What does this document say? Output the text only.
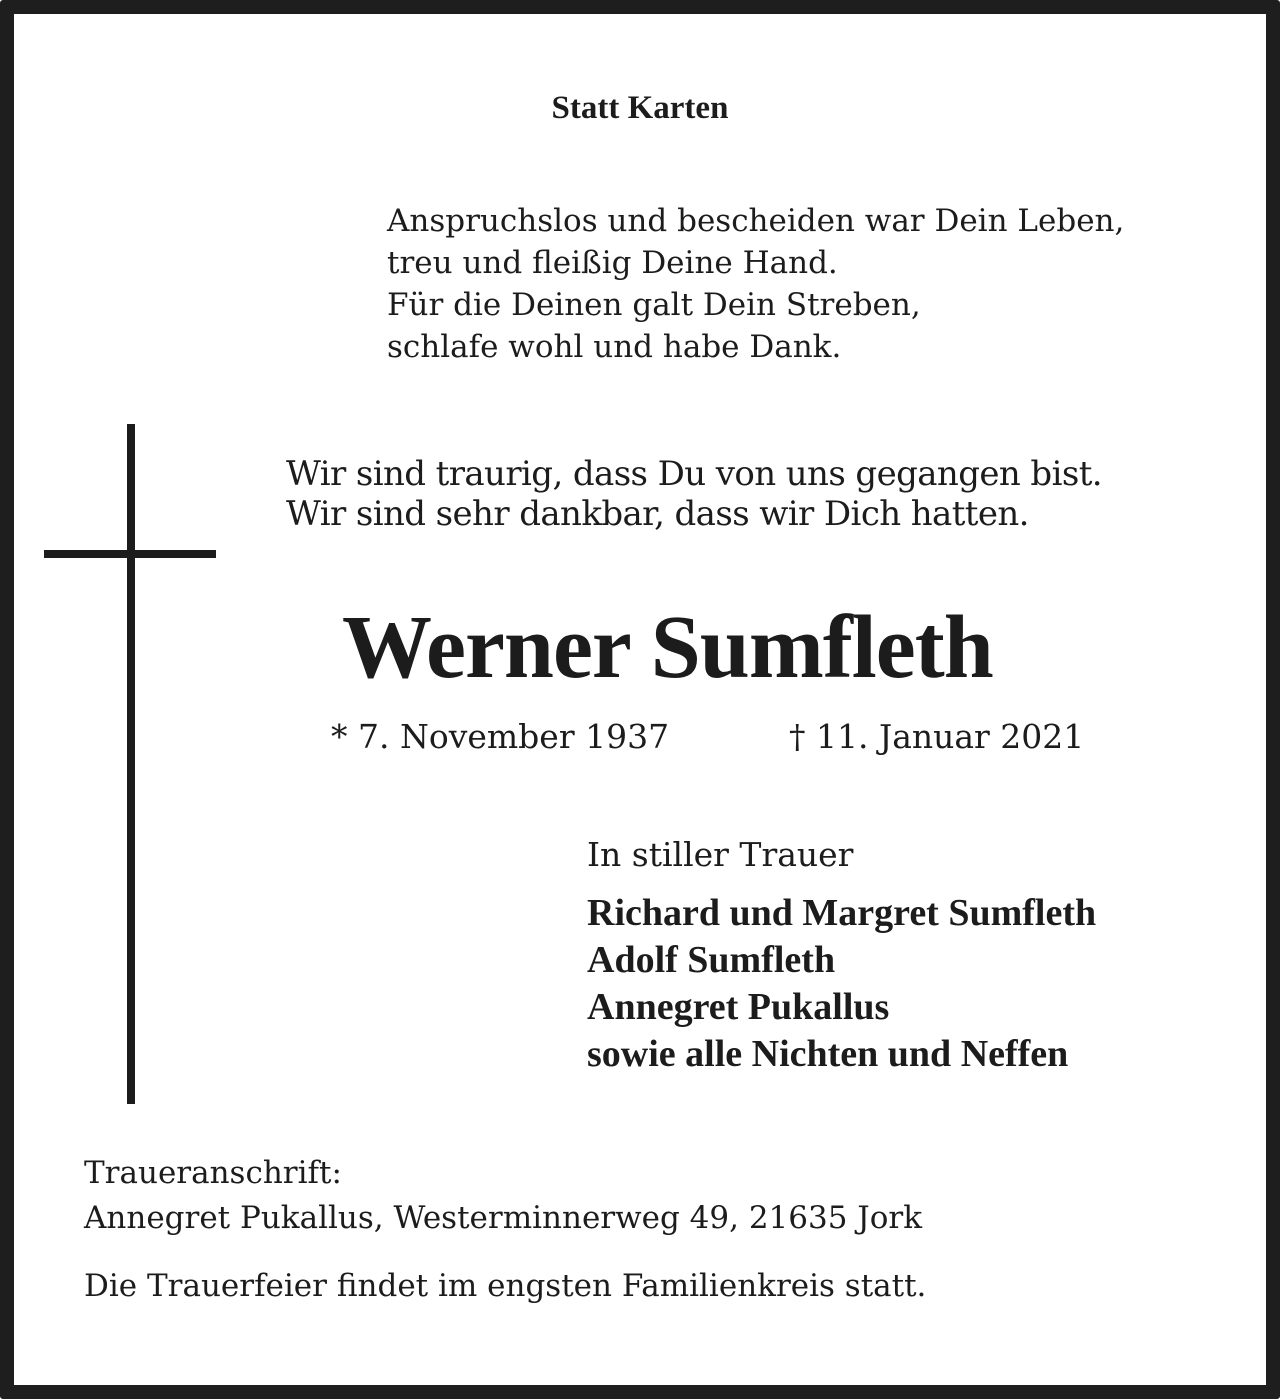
Statt Karten
Anspruchslos und bescheiden war Dein Leben,
treu und fleißig Deine Hand.
Für die Deinen galt Dein Streben,
schlafe wohl und habe Dank.
Wir sind traurig, dass Du von uns gegangen bist.
Wir sind sehr dankbar, dass wir Dich hatten.
Werner Sumfleth
* 7. November 1937	† 11. Januar 2021
In stiller Trauer
Richard und Margret Sumfleth
Adolf Sumfleth
Annegret Pukallus
sowie alle Nichten und Neffen
Traueranschrift:
Annegret Pukallus, Westerminnerweg 49, 21635 Jork
Die Trauerfeier findet im engsten Familienkreis statt.
